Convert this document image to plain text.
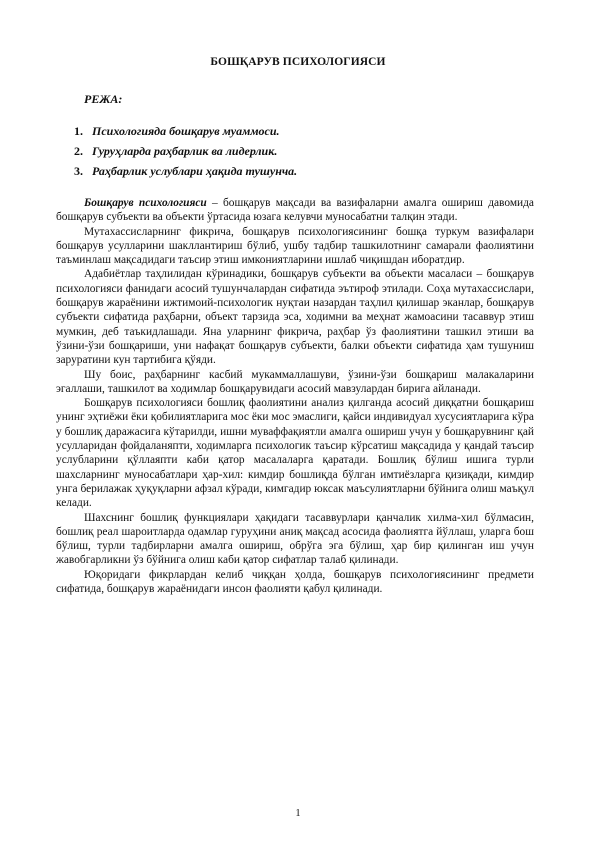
БОШҚАРУВ ПСИХОЛОГИЯСИ
РЕЖА:
1. Психологияда бошқарув муаммоси.
2. Гуруҳларда раҳбарлик ва лидерлик.
3. Раҳбарлик услублари ҳақида тушунча.

Бошқарув психологияси – бошқарув мақсади ва вазифаларни амалга ошириш давомида бошқарув субъекти ва объекти ўртасида юзага келувчи муносабатни талқин этади.

Мутахассисларнинг фикрича, бошқарув психологиясининг бошқа туркум вазифалари бошқарув усулларини шакллантириш бўлиб, ушбу тадбир ташкилотнинг самарали фаолиятини таъминлаш мақсадидаги таъсир этиш имкониятларини ишлаб чиқишдан иборатдир.

Адабиётлар таҳлилидан кўринадики, бошқарув субъекти ва объекти масаласи – бошқарув психологияси фанидаги асосий тушунчалардан сифатида эътироф этилади. Соҳа мутахассислари, бошқарув жараёнини ижтимоий-психологик нуқтаи назардан таҳлил қилишар эканлар, бошқарув субъекти сифатида раҳбарни, объект тарзида эса, ходимни ва меҳнат жамоасини тасаввур этиш мумкин, деб таъкидлашади. Яна уларнинг фикрича, раҳбар ўз фаолиятини ташкил этиши ва ўзини-ўзи бошқариши, уни нафақат бошқарув субъекти, балки объекти сифатида ҳам тушуниш заруратини кун тартибига қўяди.

Шу боис, раҳбарнинг касбий мукаммаллашуви, ўзини-ўзи бошқариш малакаларини эгаллаши, ташкилот ва ходимлар бошқарувидаги асосий мавзулардан бирига айланади.

Бошқарув психологияси бошлиқ фаолиятини анализ қилганда асосий диққатни бошқариш унинг эҳтиёжи ёки қобилиятларига мос ёки мос эмаслиги, қайси индивидуал хусусиятларига кўра у бошлиқ даражасига кўтарилди, ишни муваффақиятли амалга ошириш учун у бошқарувнинг қай усулларидан фойдаланяпти, ходимларга психологик таъсир кўрсатиш мақсадида у қандай таъсир услубларини қўллаяпти каби қатор масалаларга қаратади. Бошлиқ бўлиш ишига турли шахсларнинг муносабатлари ҳар-хил: кимдир бошлиқда бўлган имтиёзларга қизиқади, кимдир унга берилажак ҳуқуқларни афзал кўради, кимгадир юксак маъсулиятларни бўйнига олиш маъқул келади.

Шахснинг бошлиқ функциялари ҳақидаги тасаввурлари қанчалик хилма-хил бўлмасин, бошлиқ реал шароитларда одамлар гуруҳини аниқ мақсад асосида фаолиятга йўллаш, уларга бош бўлиш, турли тадбирларни амалга ошириш, обрўга эга бўлиш, ҳар бир қилинган иш учун жавобгарликни ўз бўйнига олиш каби қатор сифатлар талаб қилинади.

Юқоридаги фикрлардан келиб чиққан ҳолда, бошқарув психологиясининг предмети сифатида, бошқарув жараёнидаги инсон фаолияти қабул қилинади.

1
